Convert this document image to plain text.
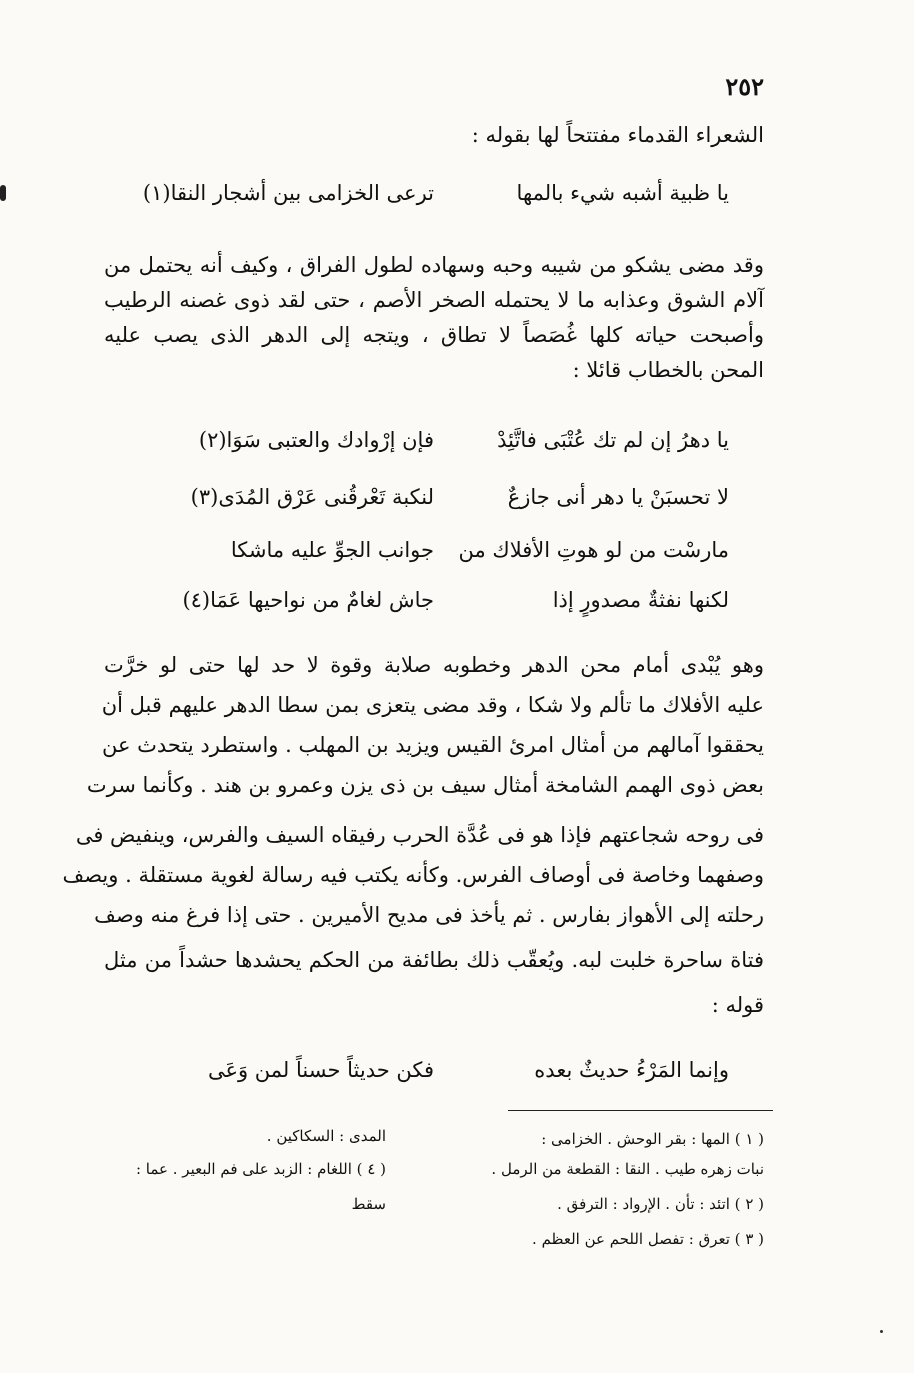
٢٥٢
الشعراء القدماء مفتتحاً لها بقوله :
يا ظبية أشبه شيء بالمها
ترعى الخزامى بين أشجار النقا(١)
وقد مضى يشكو من شيبه وحبه وسهاده لطول الفراق ، وكيف أنه يحتمل من
آلام الشوق وعذابه ما لا يحتمله الصخر الأصم ، حتى لقد ذوى غصنه الرطيب
وأصبحت حياته كلها غُصَصاً لا تطاق ، ويتجه إلى الدهر الذى يصب عليه
المحن بالخطاب قائلا :
يا دهرُ إن لم تك عُتْبَى فاتَّئِدْ
فإن إرْوادك والعتبى سَوَا(٢)
لا تحسبَنْ يا دهر أنى جازعٌ
لنكبة تَعْرقُنى عَرْق المُدَى(٣)
مارسْت من لو هوتِ الأفلاك من
جوانب الجوِّ عليه ماشكا
لكنها نفثةٌ مصدورٍ إذا
جاش لغامٌ من نواحيها عَمَا(٤)
وهو يُبْدى أمام محن الدهر وخطوبه صلابة وقوة لا حد لها حتى لو خرَّت
عليه الأفلاك ما تألم ولا شكا ، وقد مضى يتعزى بمن سطا الدهر عليهم قبل أن
يحققوا آمالهم من أمثال امرئ القيس ويزيد بن المهلب . واستطرد يتحدث عن
بعض ذوى الهمم الشامخة أمثال سيف بن ذى يزن وعمرو بن هند . وكأنما سرت
فى روحه شجاعتهم فإذا هو فى عُدَّة الحرب رفيقاه السيف والفرس، وينفيض فى
وصفهما وخاصة فى أوصاف الفرس. وكأنه يكتب فيه رسالة لغوية مستقلة . ويصف
رحلته إلى الأهواز بفارس . ثم يأخذ فى مديح الأميرين . حتى إذا فرغ منه وصف
فتاة ساحرة خلبت لبه. ويُعقّب ذلك بطائفة من الحكم يحشدها حشداً من مثل
قوله :
وإنما المَرْءُ حديثٌ بعده
فكن حديثاً حسناً لمن وَعَى
( ١ ) المها : بقر الوحش . الخزامى :
نبات زهره طيب . النقا : القطعة من الرمل .
( ٢ ) اتئد : تأن . الإرواد : الترفق .
( ٣ ) تعرق : تفصل اللحم عن العظم .
المدى : السكاكين .
( ٤ ) اللغام : الزبد على فم البعير . عما :
سقط
